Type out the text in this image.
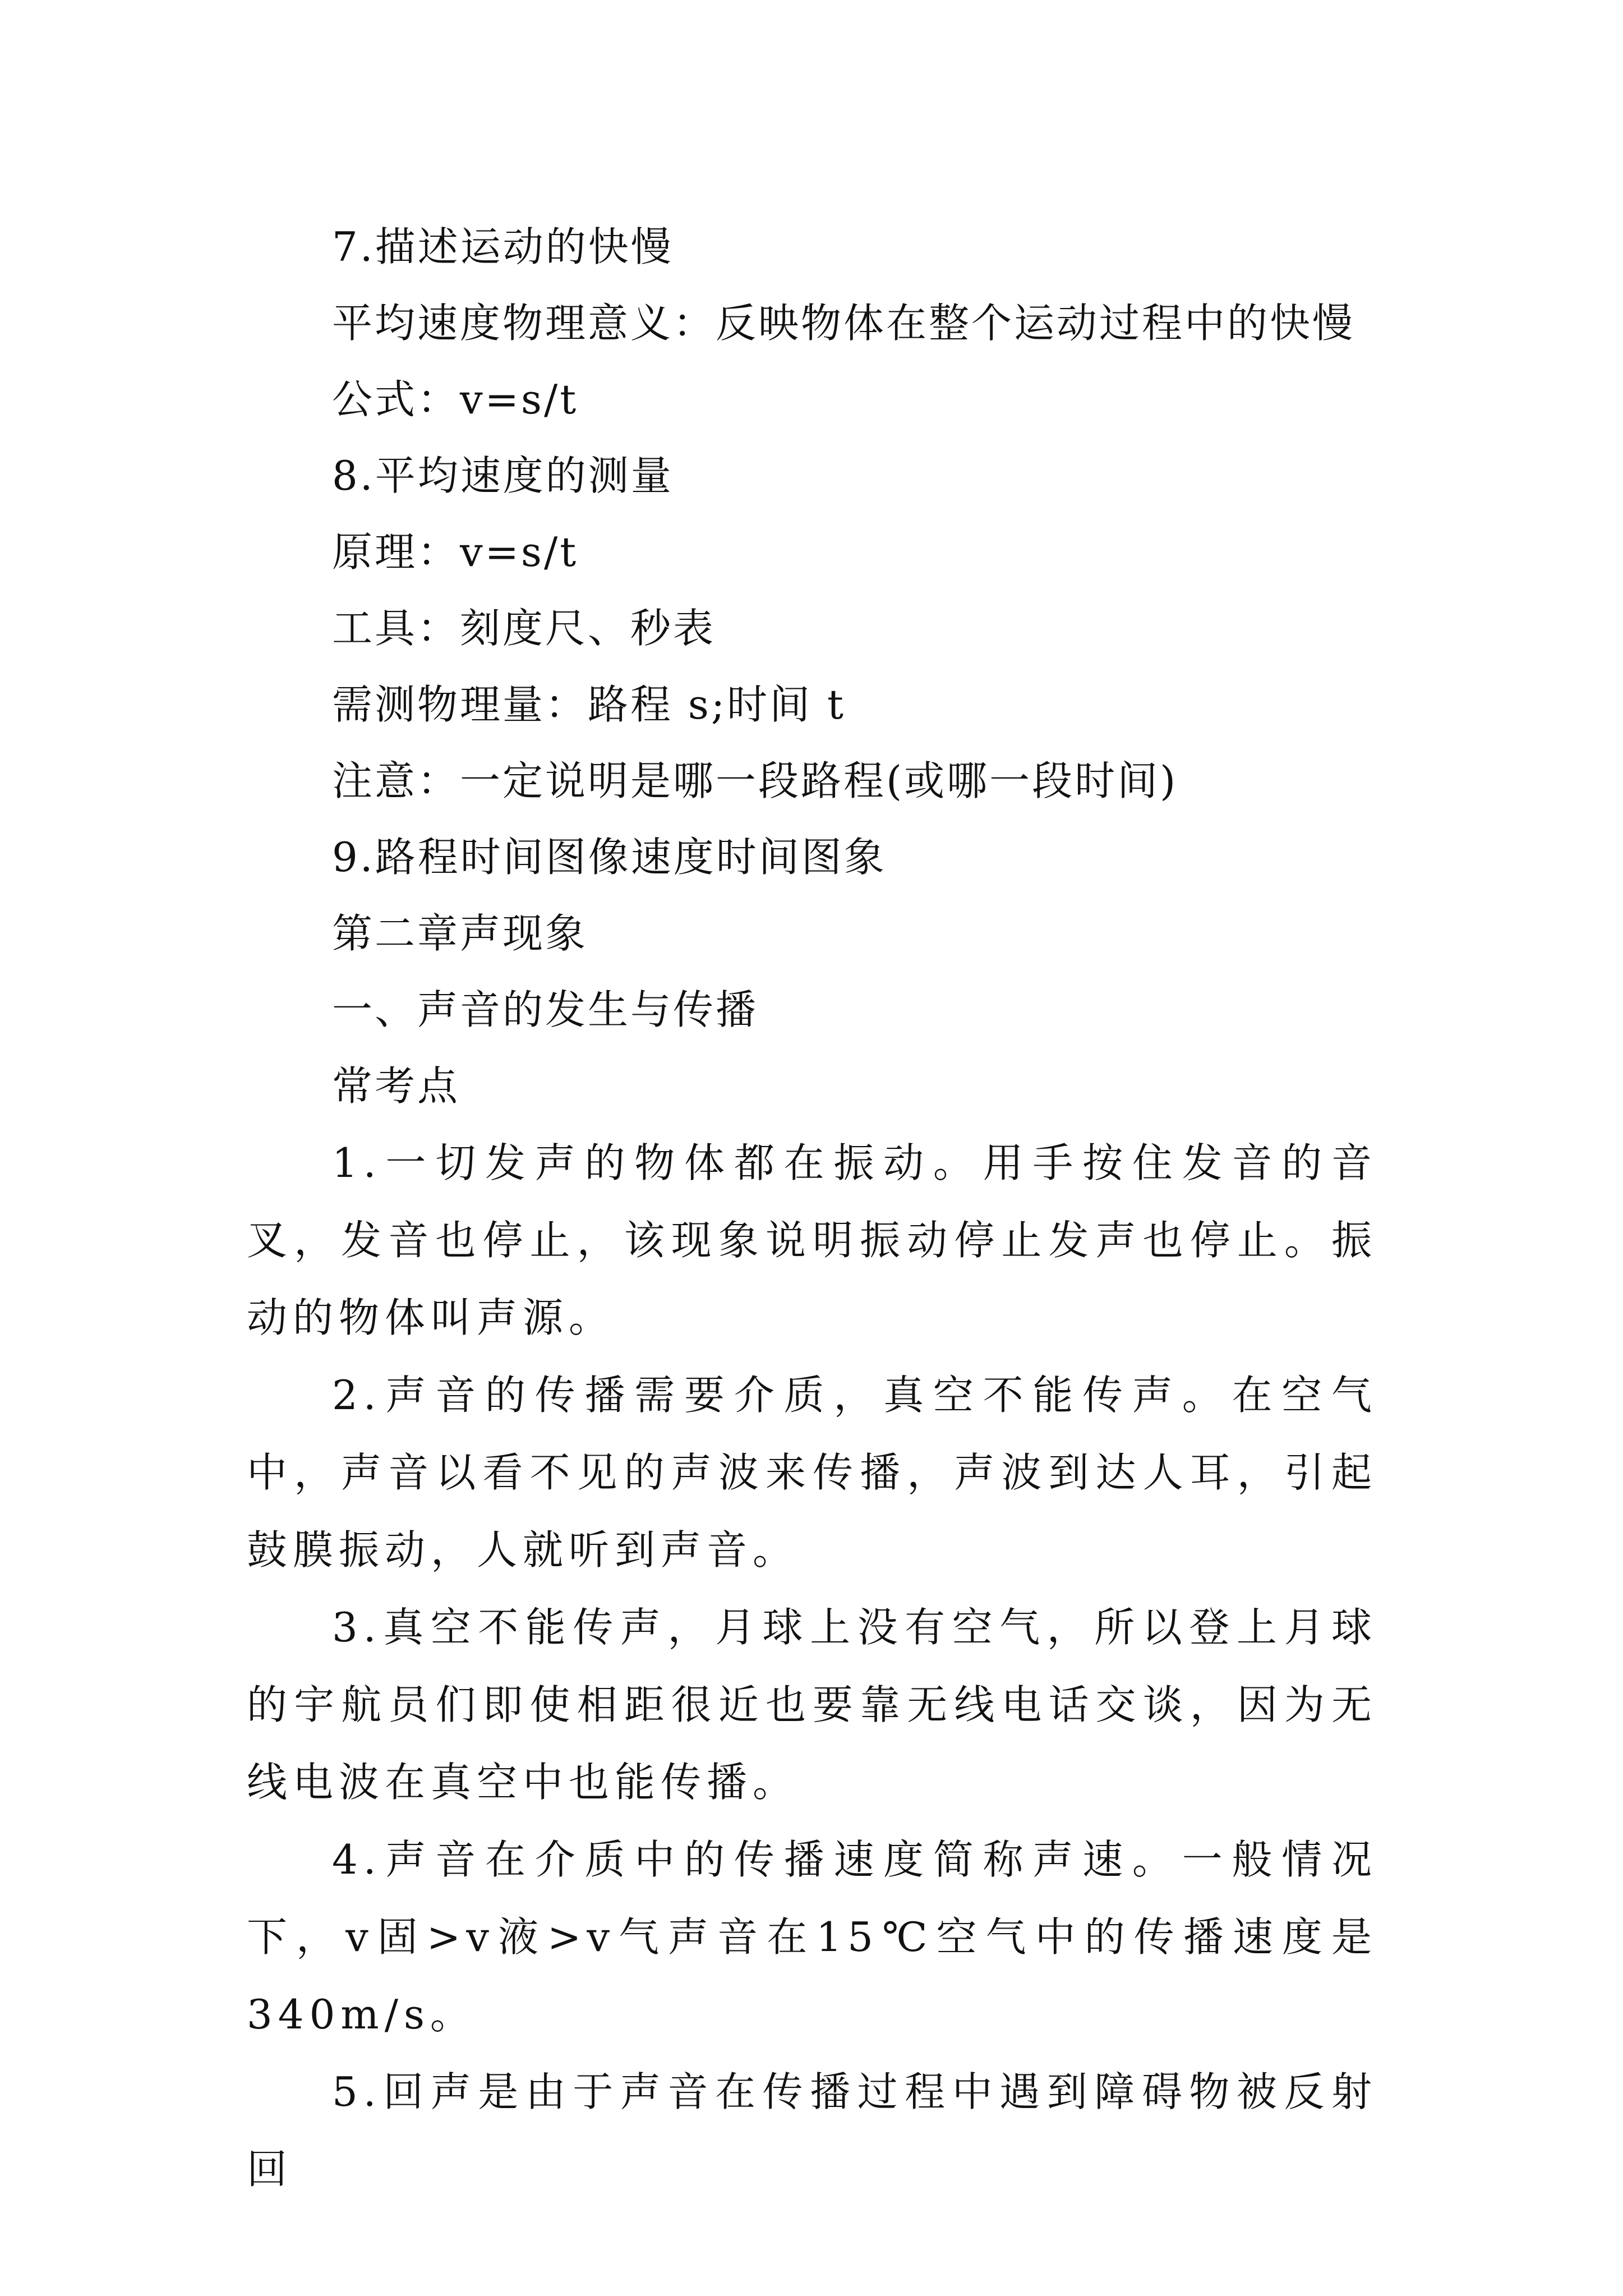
7.描述运动的快慢
平均速度物理意义：反映物体在整个运动过程中的快慢
公式：v=s/t
8.平均速度的测量
原理：v=s/t
工具：刻度尺、秒表
需测物理量：路程 s;时间 t
注意：一定说明是哪一段路程(或哪一段时间)
9.路程时间图像速度时间图象
第二章声现象
一、声音的发生与传播
常考点

1.一切发声的物体都在振动。用手按住发音的音叉，发音也停止，该现象说明振动停止发声也停止。振动的物体叫声源。

2.声音的传播需要介质，真空不能传声。在空气中，声音以看不见的声波来传播，声波到达人耳，引起鼓膜振动，人就听到声音。

3.真空不能传声，月球上没有空气，所以登上月球的宇航员们即使相距很近也要靠无线电话交谈，因为无线电波在真空中也能传播。

4.声音在介质中的传播速度简称声速。一般情况下，v固>v液>v气声音在15℃空气中的传播速度是340m/s。

5.回声是由于声音在传播过程中遇到障碍物被反射回
